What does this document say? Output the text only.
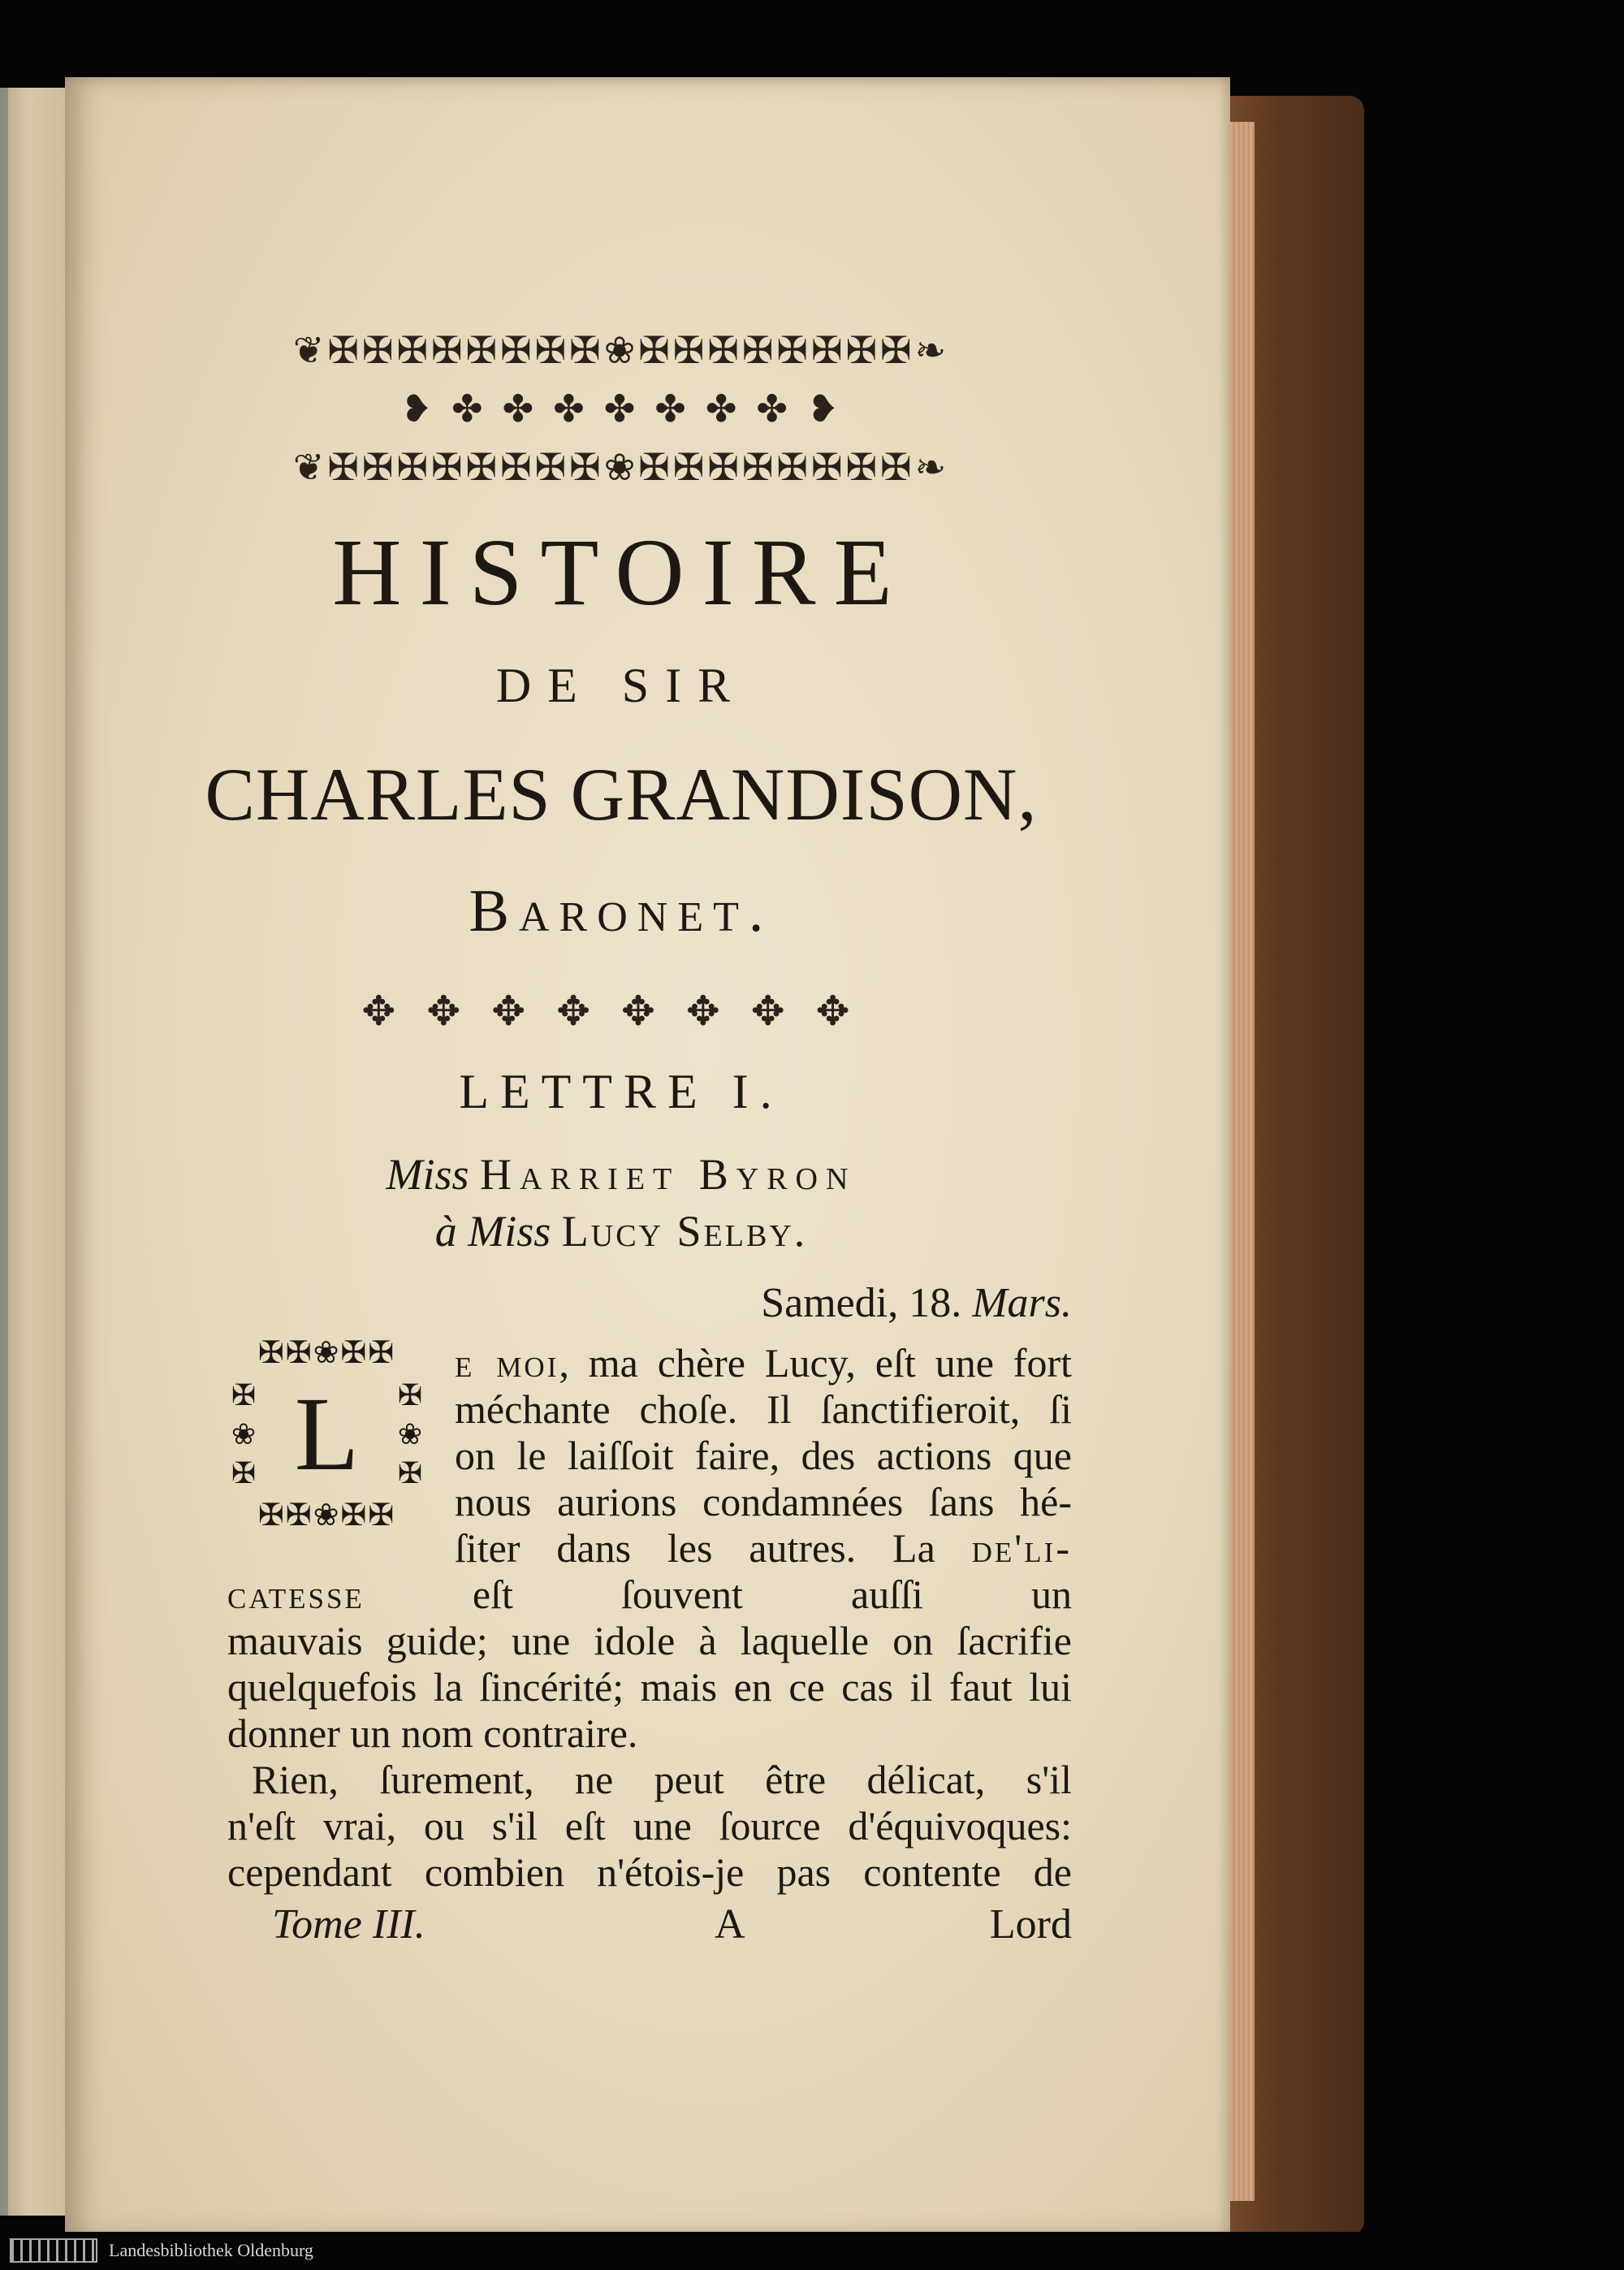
❦✠✠✠✠✠✠✠✠❀✠✠✠✠✠✠✠✠❧
❥ ✤ ✤ ✤ ✤ ✤ ✤ ✤ ❥
❦✠✠✠✠✠✠✠✠❀✠✠✠✠✠✠✠✠❧
HISTOIRE
DE SIR
CHARLES GRANDISON,
Baronet.
✥✥✥✥✥✥✥✥
LETTRE I.
Miss Harriet Byron
à Miss Lucy Selby.
Samedi, 18. Mars.
✠✠❀✠✠
✠
❀
✠ L	✠
❀
✠
✠✠❀✠✠
e moi, ma chère Lucy, eſt une fort
méchante choſe. Il ſanctifieroit, ſi
on le laiſſoit faire, des actions que
nous aurions condamnées ſans hé-
ſiter dans les autres. La de'li-
catesse	eſt ſouvent auſſi un
mauvais guide; une idole à laquelle on ſacrifie
quelquefois la ſincérité; mais en ce cas il faut lui
donner un nom contraire.
Rien, ſurement, ne peut être délicat, s'il
n'eſt vrai, ou s'il eſt une ſource d'équivoques:
cependant combien n'étois-je pas contente de
Tome III.	A	Lord
Landesbibliothek Oldenburg
